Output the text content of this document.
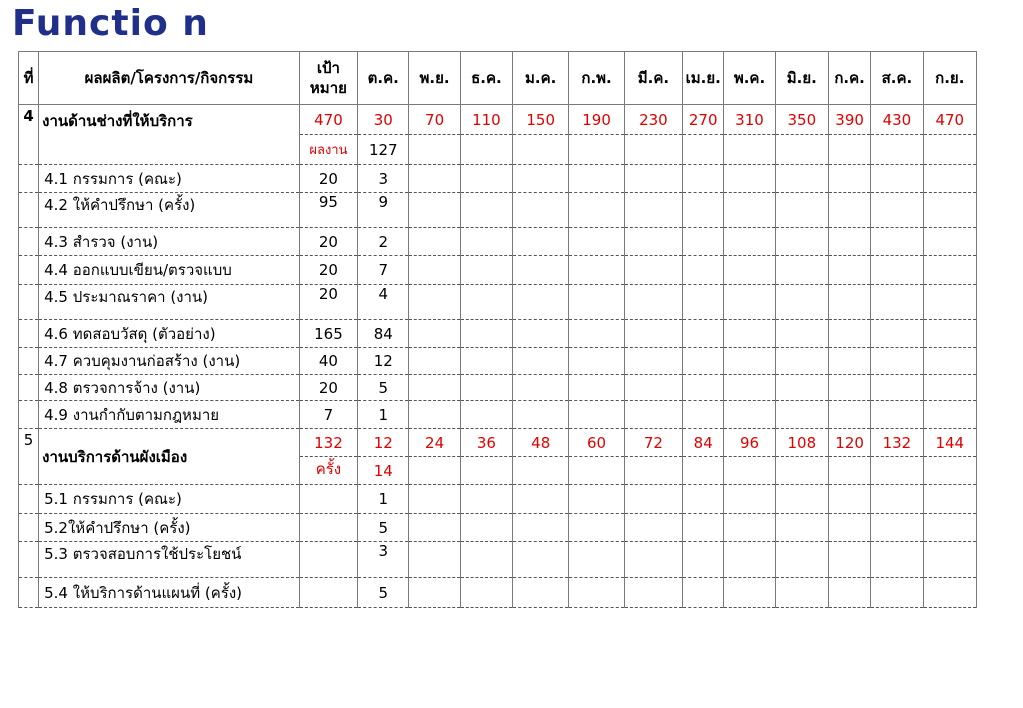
Functio n
ที่	ผลผลิต/โครงการ/กิจกรรม	เป้าหมาย	ต.ค.	พ.ย.	ธ.ค.	ม.ค.	ก.พ.	มี.ค.	เม.ย.	พ.ค.	มิ.ย.	ก.ค.	ส.ค.	ก.ย.
4	งานด้านช่างที่ให้บริการ	470	30	70	110	150	190	230	270	310	350	390	430	470
		ผลงาน	127											
	4.1 กรรมการ (คณะ)	20	3											
	4.2 ให้คำปรึกษา (ครั้ง)	95	9											
	4.3 สำรวจ (งาน)	20	2											
	4.4 ออกแบบเขียน/ตรวจแบบ	20	7											
	4.5 ประมาณราคา (งาน)	20	4											
	4.6 ทดสอบวัสดุ (ตัวอย่าง)	165	84											
	4.7 ควบคุมงานก่อสร้าง (งาน)	40	12											
	4.8 ตรวจการจ้าง (งาน)	20	5											
	4.9 งานกำกับตามกฎหมาย	7	1											
5	งานบริการด้านผังเมือง	132	12	24	36	48	60	72	84	96	108	120	132	144
		ครั้ง	14											
	5.1 กรรมการ (คณะ)		1											
	5.2ให้คำปรึกษา (ครั้ง)		5											
	5.3 ตรวจสอบการใช้ประโยชน์		3											
	5.4 ให้บริการด้านแผนที่ (ครั้ง)		5											
